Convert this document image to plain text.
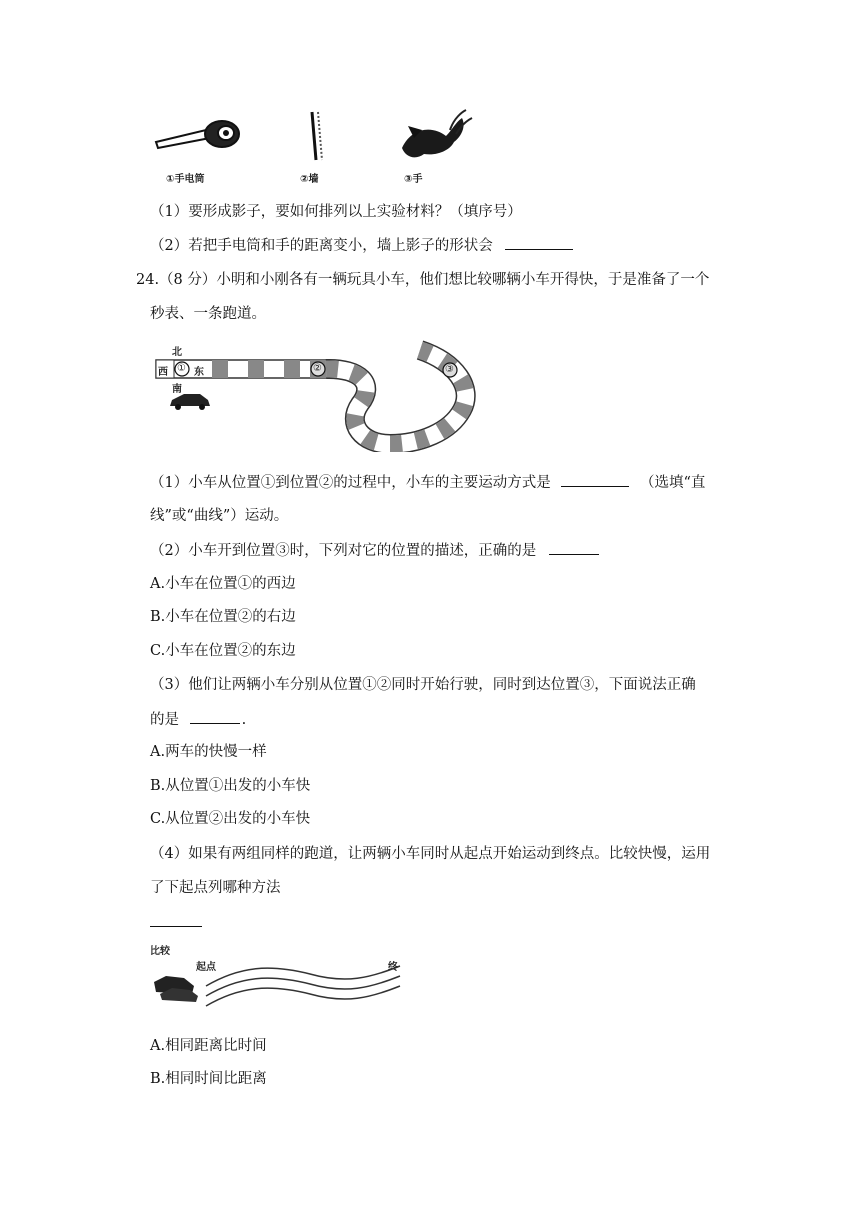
①手电筒	②墙	③手
（1）要形成影子，要如何排列以上实验材料？（填序号）
（2）若把手电筒和手的距离变小，墙上影子的形状会
24.（8 分）小明和小刚各有一辆玩具小车，他们想比较哪辆小车开得快，于是准备了一个
秒表、一条跑道。
北
西 ① 东
南
②	③
（1）小车从位置①到位置②的过程中，小车的主要运动方式是	（选填“直
线”或“曲线”）运动。
（2）小车开到位置③时，下列对它的位置的描述，正确的是
A.小车在位置①的西边
B.小车在位置②的右边
C.小车在位置②的东边
（3）他们让两辆小车分别从位置①②同时开始行驶，同时到达位置③，下面说法正确
的是	.
A.两车的快慢一样
B.从位置①出发的小车快
C.从位置②出发的小车快
（4）如果有两组同样的跑道，让两辆小车同时从起点开始运动到终点。比较快慢，运用
了下起点列哪种方法
比较
起点	终
A.相同距离比时间
B.相同时间比距离
